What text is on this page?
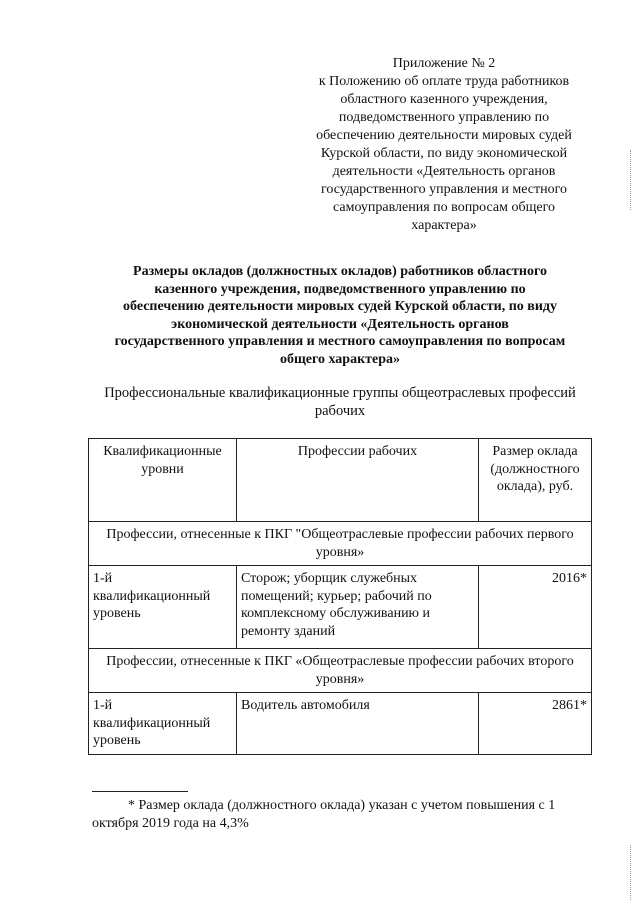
Приложение № 2
к Положению об оплате труда работников
областного казенного учреждения,
подведомственного управлению по
обеспечению деятельности мировых судей
Курской области, по виду экономической
деятельности «Деятельность органов
государственного управления и местного
самоуправления по вопросам общего
характера»
Размеры окладов (должностных окладов) работников областного
казенного учреждения, подведомственного управлению по
обеспечению деятельности мировых судей Курской области, по виду
экономической деятельности «Деятельность органов
государственного управления и местного самоуправления по вопросам
общего характера»
Профессиональные квалификационные группы общеотраслевых профессий рабочих
Квалификационные уровни	Профессии рабочих	Размер оклада (должностного оклада), руб.
Профессии, отнесенные к ПКГ "Общеотраслевые профессии рабочих первого уровня»		
1-й квалификационный уровень	Сторож; уборщик служебных помещений; курьер; рабочий по комплексному обслуживанию и ремонту зданий	2016*
Профессии, отнесенные к ПКГ «Общеотраслевые профессии рабочих второго уровня»		
1-й квалификационный уровень	Водитель автомобиля	2861*
* Размер оклада (должностного оклада) указан с учетом повышения с 1 октября 2019 года на 4,3%
